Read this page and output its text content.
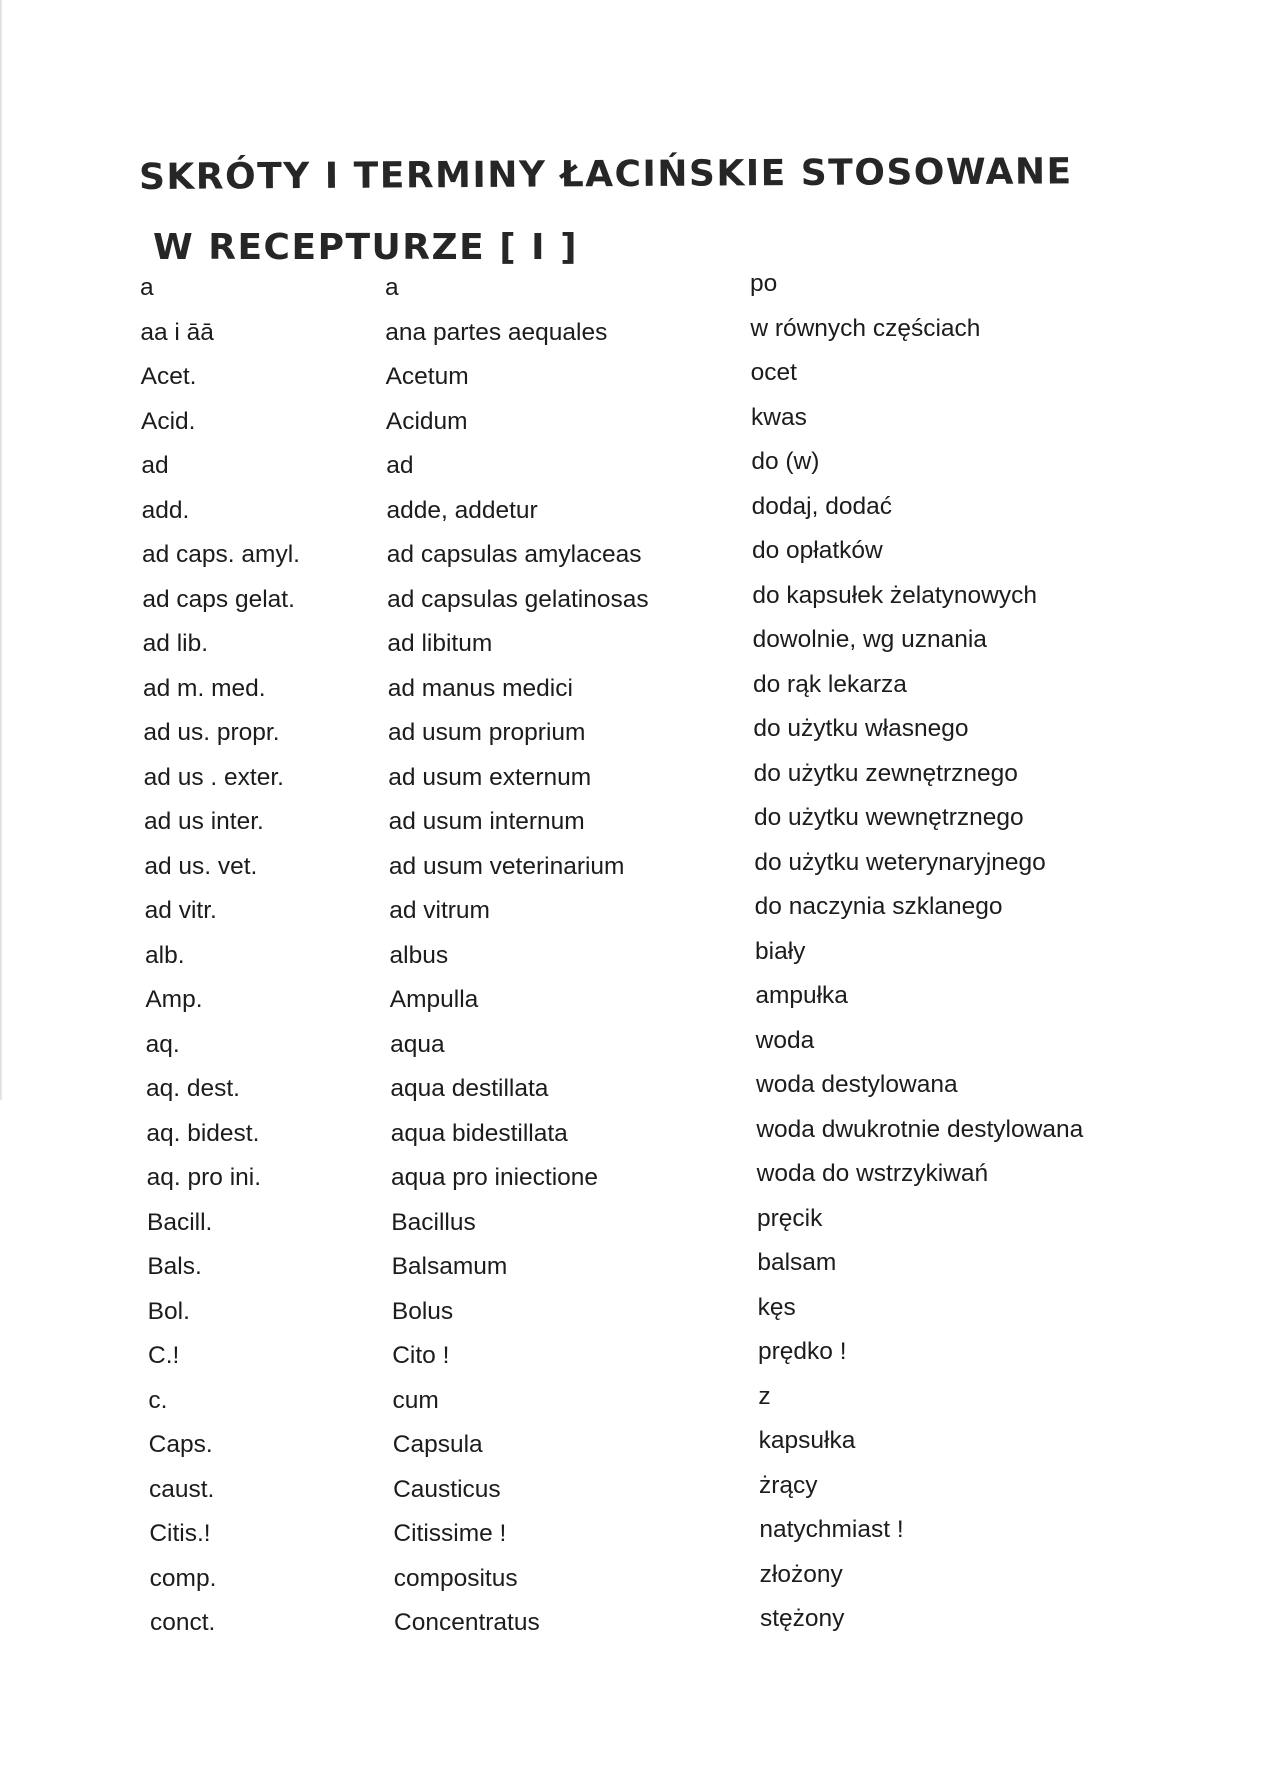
SKRÓTY I TERMINY ŁACIŃSKIE STOSOWANE
W RECEPTURZE [ I ]
a	a	po
aa i āā	ana partes aequales	w równych częściach
Acet.	Acetum	ocet
Acid.	Acidum	kwas
ad	ad	do (w)
add.	adde, addetur	dodaj, dodać
ad caps. amyl.	ad capsulas amylaceas	do opłatków
ad caps gelat.	ad capsulas gelatinosas	do kapsułek żelatynowych
ad lib.	ad libitum	dowolnie, wg uznania
ad m. med.	ad manus medici	do rąk lekarza
ad us. propr.	ad usum proprium	do użytku własnego
ad us . exter.	ad usum externum	do użytku zewnętrznego
ad us inter.	ad usum internum	do użytku wewnętrznego
ad us. vet.	ad usum veterinarium	do użytku weterynaryjnego
ad vitr.	ad vitrum	do naczynia szklanego
alb.	albus	biały
Amp.	Ampulla	ampułka
aq.	aqua	woda
aq. dest.	aqua destillata	woda destylowana
aq. bidest.	aqua bidestillata	woda dwukrotnie destylowana
aq. pro ini.	aqua pro iniectione	woda do wstrzykiwań
Bacill.	Bacillus	pręcik
Bals.	Balsamum	balsam
Bol.	Bolus	kęs
C.!	Cito !	prędko !
c.	cum	z
Caps.	Capsula	kapsułka
caust.	Causticus	żrący
Citis.!	Citissime !	natychmiast !
comp.	compositus	złożony
conct.	Concentratus	stężony
